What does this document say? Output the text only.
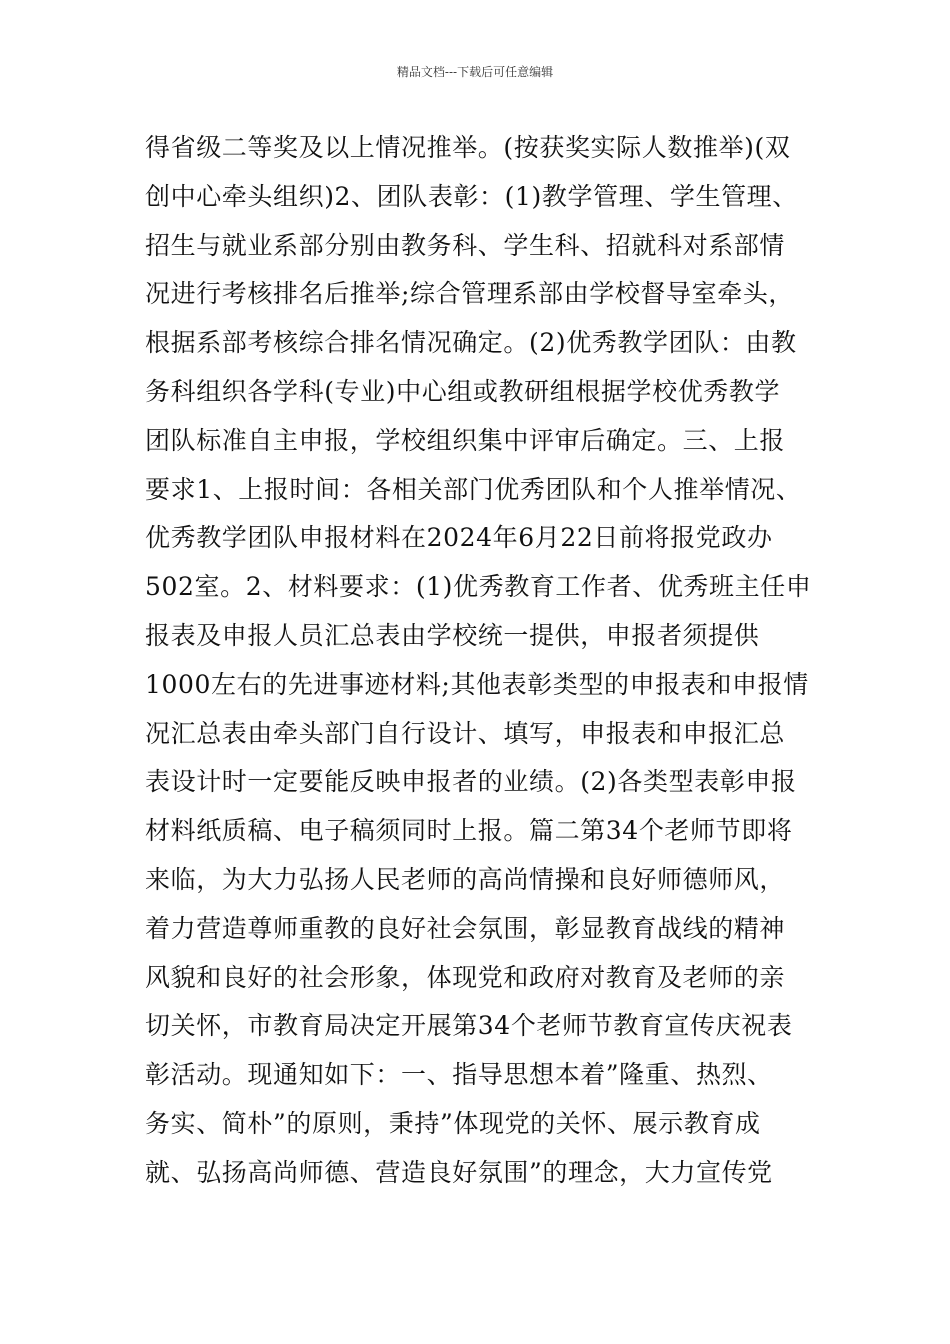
精品文档---下载后可任意编辑
得省级二等奖及以上情况推举。(按获奖实际人数推举)(双
创中心牵头组织)2、团队表彰：(1)教学管理、学生管理、
招生与就业系部分别由教务科、学生科、招就科对系部情
况进行考核排名后推举;综合管理系部由学校督导室牵头，
根据系部考核综合排名情况确定。(2)优秀教学团队：由教
务科组织各学科(专业)中心组或教研组根据学校优秀教学
团队标准自主申报，学校组织集中评审后确定。三、上报
要求1、上报时间：各相关部门优秀团队和个人推举情况、
优秀教学团队申报材料在2024年6月22日前将报党政办
502室。2、材料要求：(1)优秀教育工作者、优秀班主任申
报表及申报人员汇总表由学校统一提供，申报者须提供
1000左右的先进事迹材料;其他表彰类型的申报表和申报情
况汇总表由牵头部门自行设计、填写，申报表和申报汇总
表设计时一定要能反映申报者的业绩。(2)各类型表彰申报
材料纸质稿、电子稿须同时上报。篇二第34个老师节即将
来临，为大力弘扬人民老师的高尚情操和良好师德师风，
着力营造尊师重教的良好社会氛围，彰显教育战线的精神
风貌和良好的社会形象，体现党和政府对教育及老师的亲
切关怀，市教育局决定开展第34个老师节教育宣传庆祝表
彰活动。现通知如下：一、指导思想本着”隆重、热烈、
务实、简朴”的原则，秉持”体现党的关怀、展示教育成
就、弘扬高尚师德、营造良好氛围”的理念，大力宣传党
